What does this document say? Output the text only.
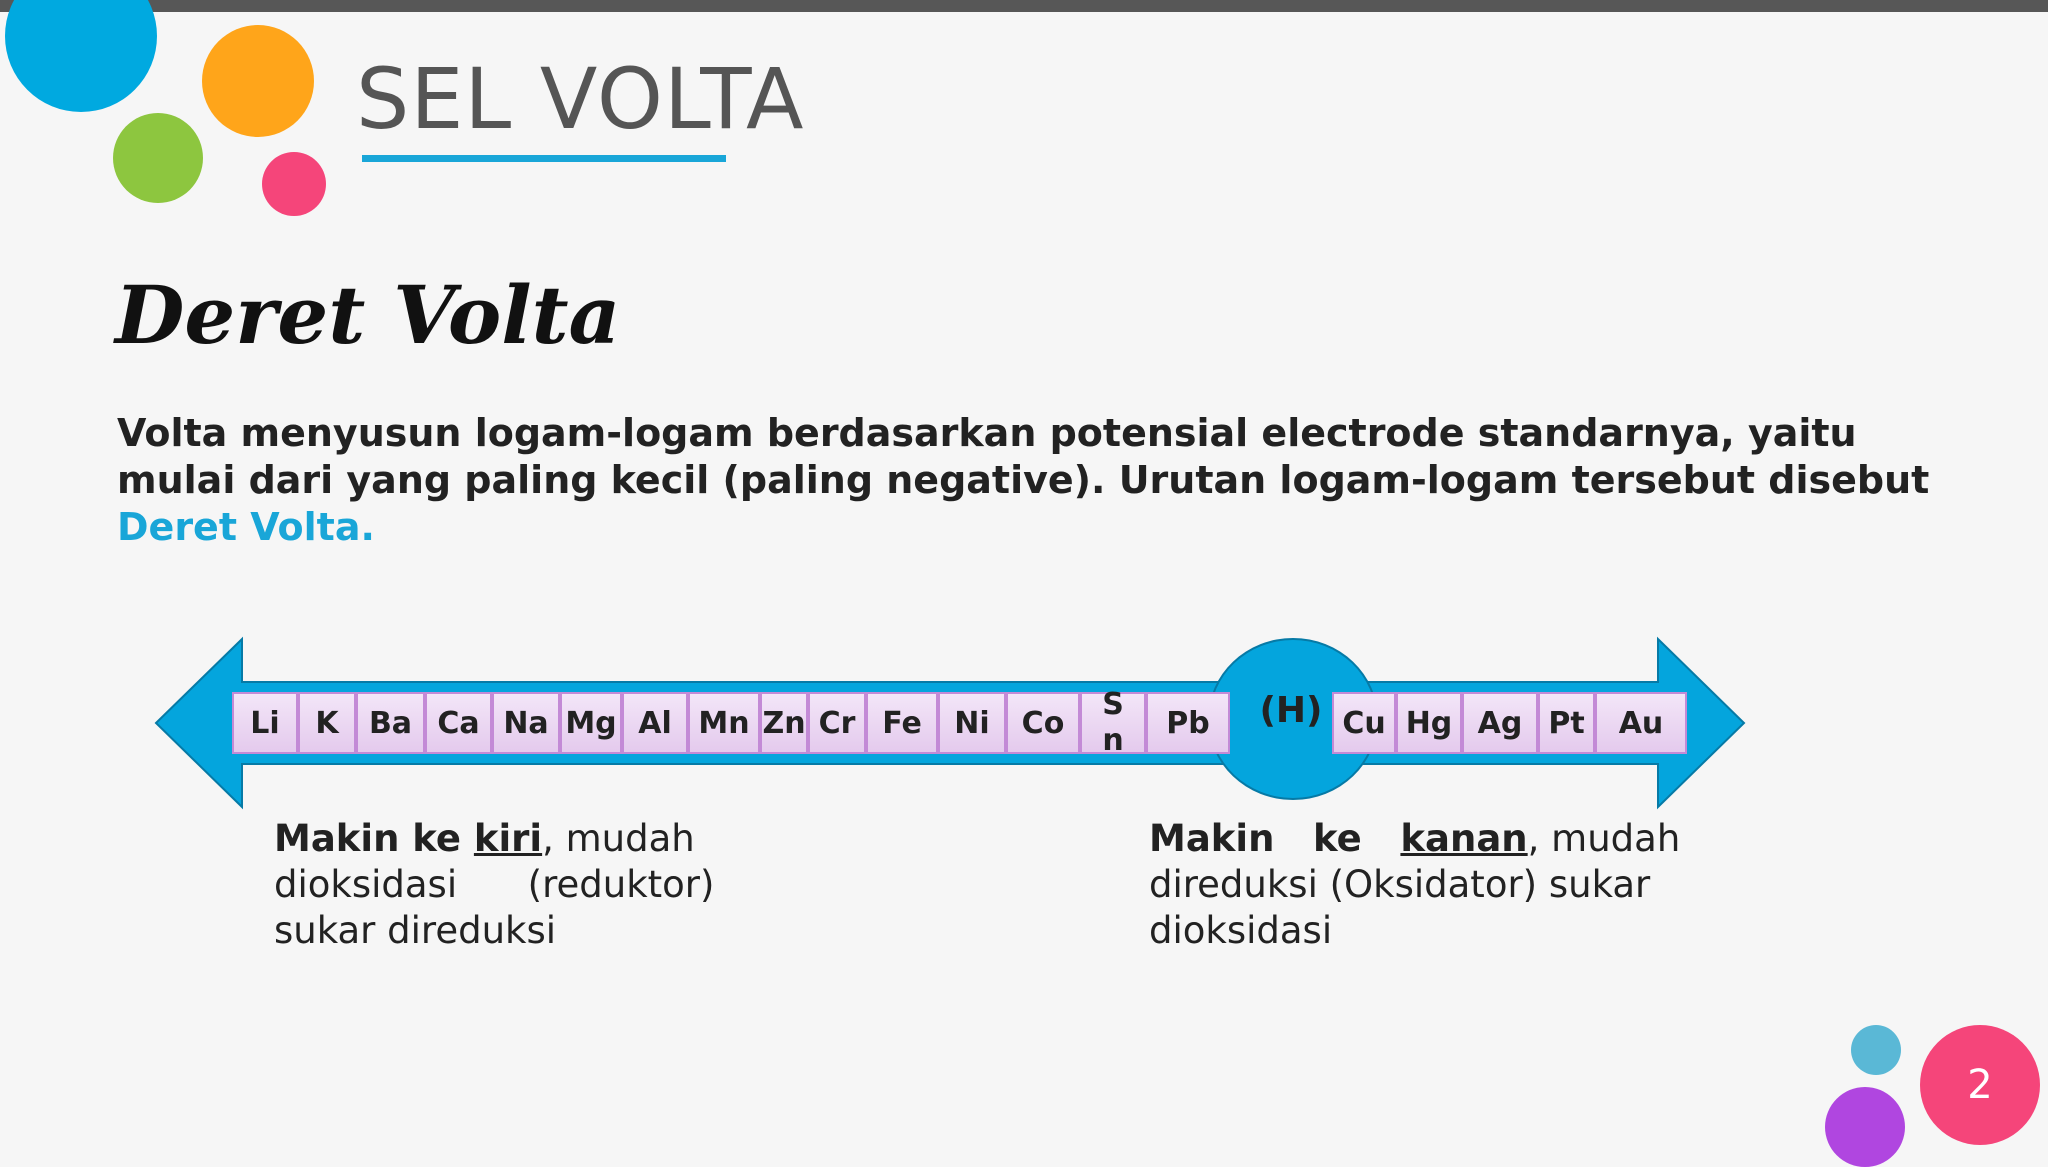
SEL VOLTA
Deret Volta
Volta menyusun logam-logam berdasarkan potensial electrode standarnya, yaitu mulai dari yang paling kecil (paling negative). Urutan logam-logam tersebut disebut Deret Volta.
(H)
Li	K	Ba Ca Na Mg Al Mn Zn Cr Fe	Ni	Co
S
n	Pb	Cu Hg Ag Pt	Au
Makin ke kiri, mudah
dioksidasi      (reduktor)
sukar direduksi
Makin   ke   kanan, mudah
direduksi (Oksidator) sukar
dioksidasi
2
